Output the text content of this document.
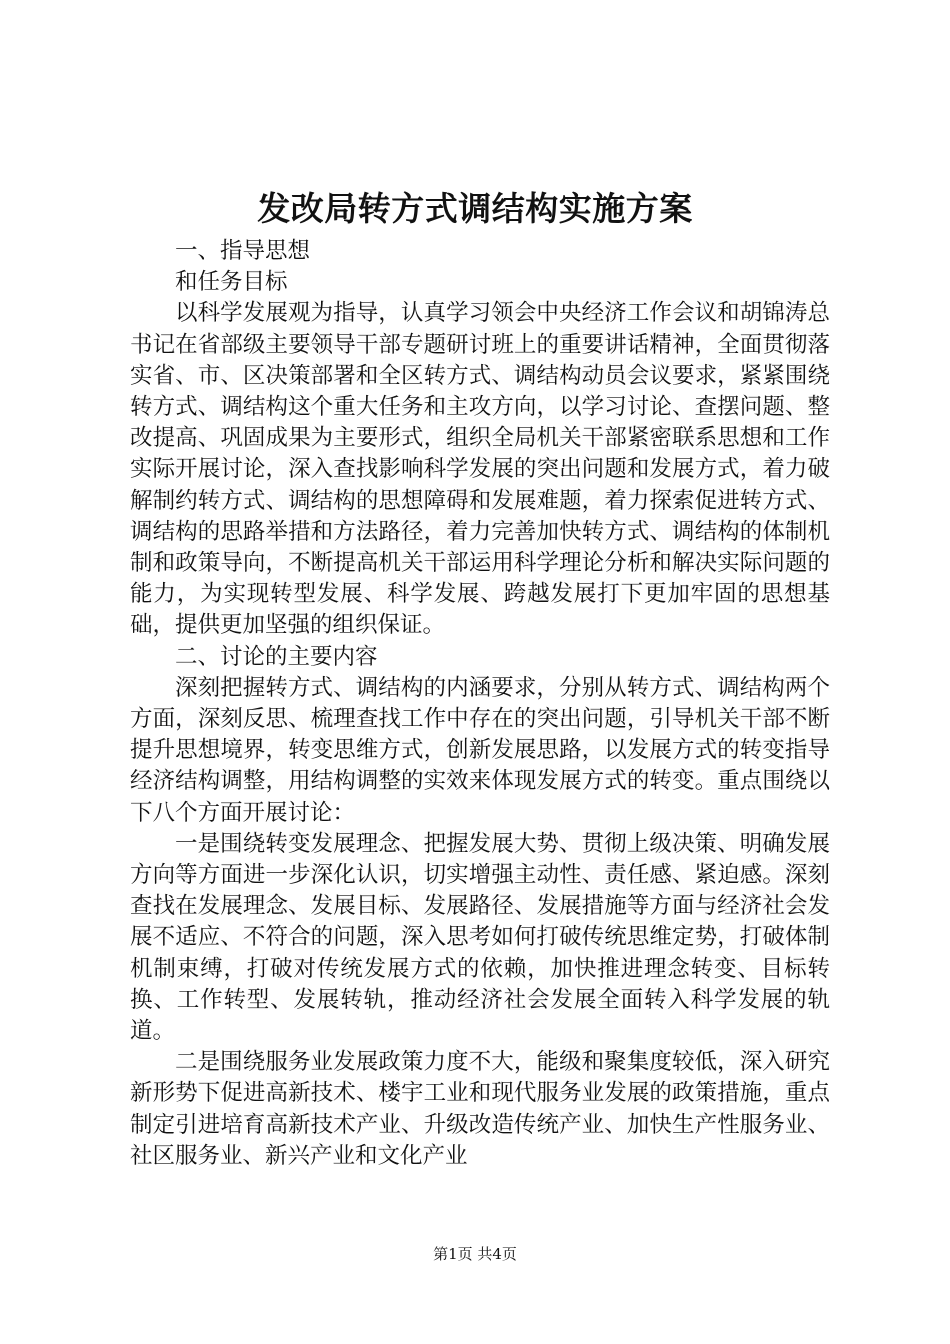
发改局转方式调结构实施方案

一、指导思想

和任务目标

以科学发展观为指导，认真学习领会中央经济工作会议和胡锦涛总书记在省部级主要领导干部专题研讨班上的重要讲话精神，全面贯彻落实省、市、区决策部署和全区转方式、调结构动员会议要求，紧紧围绕转方式、调结构这个重大任务和主攻方向，以学习讨论、查摆问题、整改提高、巩固成果为主要形式，组织全局机关干部紧密联系思想和工作实际开展讨论，深入查找影响科学发展的突出问题和发展方式，着力破解制约转方式、调结构的思想障碍和发展难题，着力探索促进转方式、调结构的思路举措和方法路径，着力完善加快转方式、调结构的体制机制和政策导向，不断提高机关干部运用科学理论分析和解决实际问题的能力，为实现转型发展、科学发展、跨越发展打下更加牢固的思想基础，提供更加坚强的组织保证。

二、讨论的主要内容

深刻把握转方式、调结构的内涵要求，分别从转方式、调结构两个方面，深刻反思、梳理查找工作中存在的突出问题，引导机关干部不断提升思想境界，转变思维方式，创新发展思路，以发展方式的转变指导经济结构调整，用结构调整的实效来体现发展方式的转变。重点围绕以下八个方面开展讨论：

一是围绕转变发展理念、把握发展大势、贯彻上级决策、明确发展方向等方面进一步深化认识，切实增强主动性、责任感、紧迫感。深刻查找在发展理念、发展目标、发展路径、发展措施等方面与经济社会发展不适应、不符合的问题，深入思考如何打破传统思维定势，打破体制机制束缚，打破对传统发展方式的依赖，加快推进理念转变、目标转换、工作转型、发展转轨，推动经济社会发展全面转入科学发展的轨道。

二是围绕服务业发展政策力度不大，能级和聚集度较低，深入研究新形势下促进高新技术、楼宇工业和现代服务业发展的政策措施，重点制定引进培育高新技术产业、升级改造传统产业、加快生产性服务业、社区服务业、新兴产业和文化产业

第1页 共4页
